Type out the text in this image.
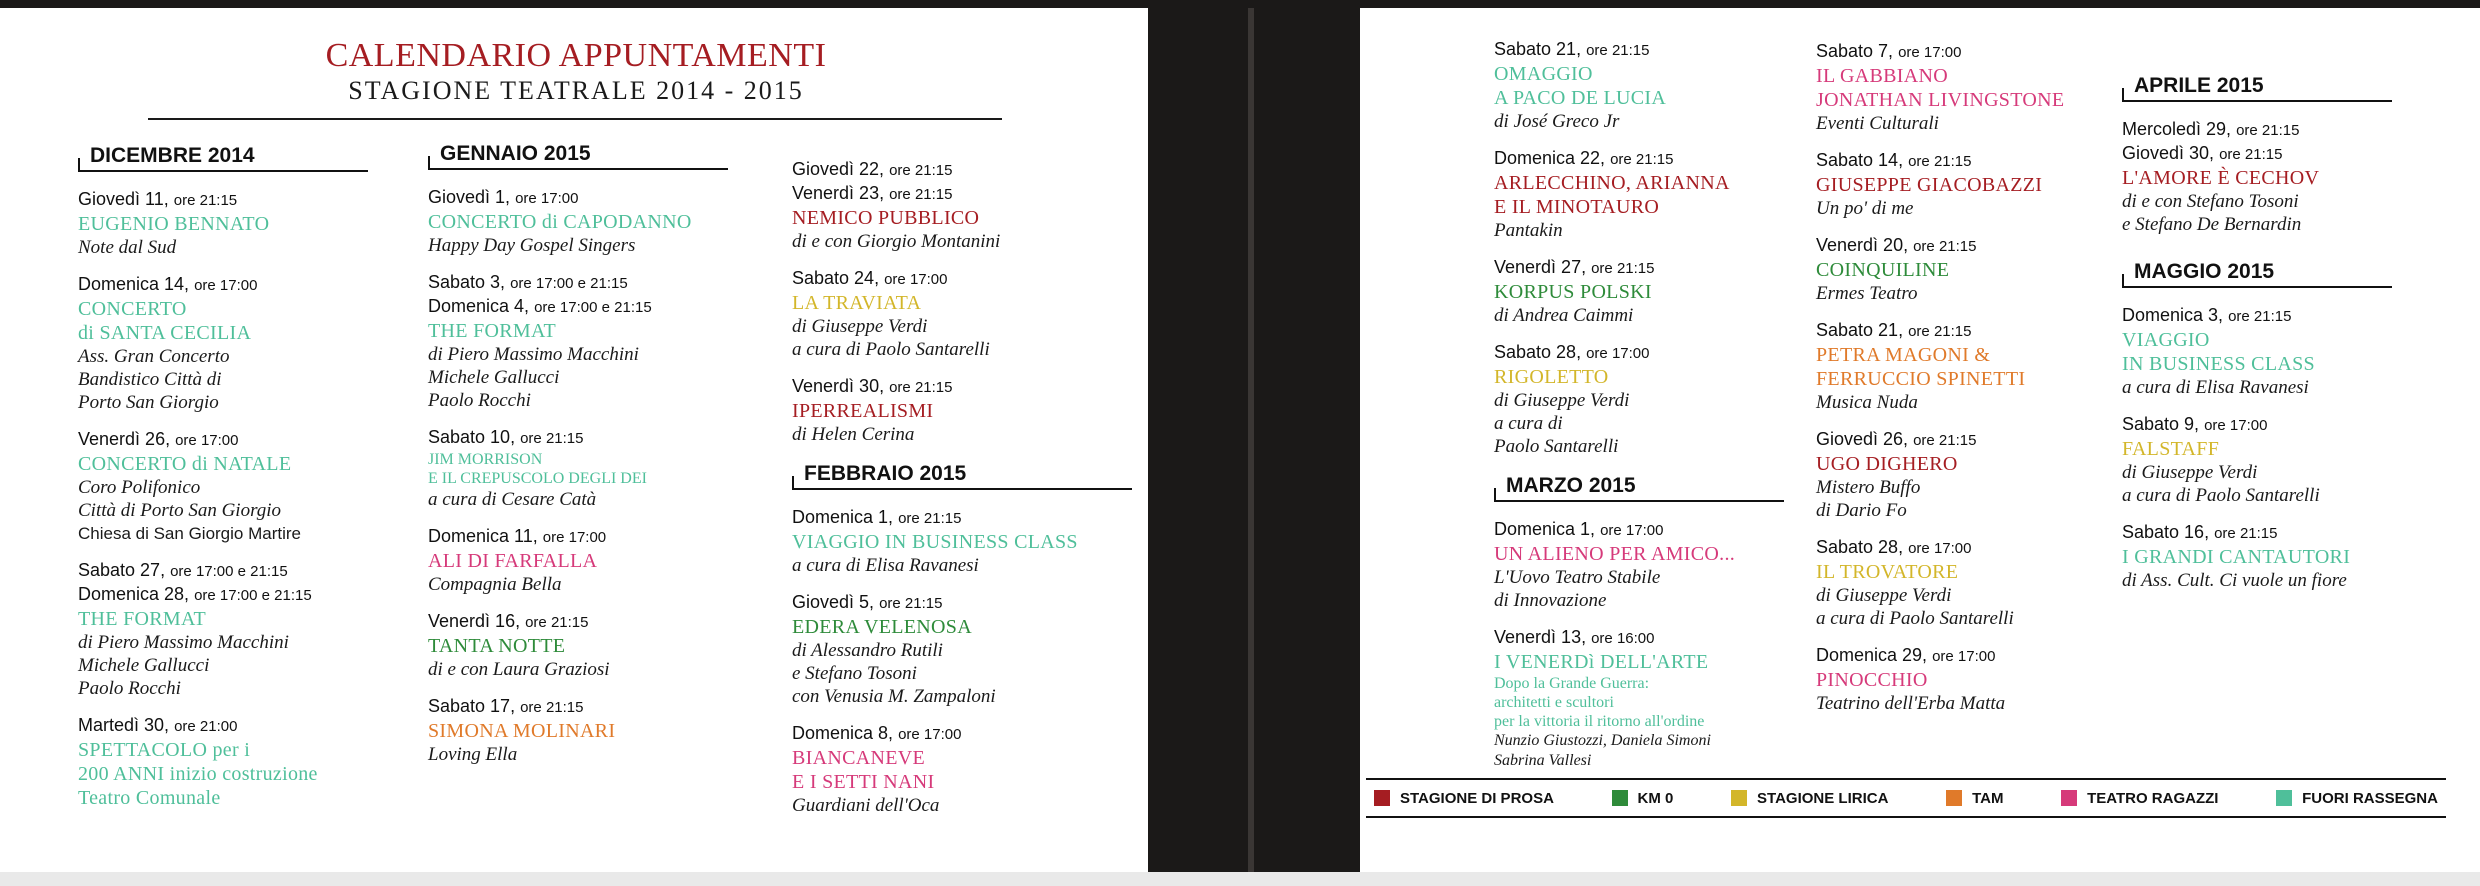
CALENDARIO APPUNTAMENTI
STAGIONE TEATRALE 2014 - 2015
DICEMBRE 2014
Giovedì 11, ore 21:15
EUGENIO BENNATO
Note dal Sud
Domenica 14, ore 17:00
CONCERTO
di SANTA CECILIA
Ass. Gran Concerto
Bandistico Città di
Porto San Giorgio
Venerdì 26, ore 17:00
CONCERTO di NATALE
Coro Polifonico
Città di Porto San Giorgio
Chiesa di San Giorgio Martire
Sabato 27, ore 17:00 e 21:15
Domenica 28, ore 17:00 e 21:15
THE FORMAT
di Piero Massimo Macchini
Michele Gallucci
Paolo Rocchi
Martedì 30, ore 21:00
SPETTACOLO per i
200 ANNI inizio costruzione
Teatro Comunale
GENNAIO 2015
Giovedì 1, ore 17:00
CONCERTO di CAPODANNO
Happy Day Gospel Singers
Sabato 3, ore 17:00 e 21:15
Domenica 4, ore 17:00 e 21:15
THE FORMAT
di Piero Massimo Macchini
Michele Gallucci
Paolo Rocchi
Sabato 10, ore 21:15
JIM MORRISON
E IL CREPUSCOLO DEGLI DEI
a cura di Cesare Catà
Domenica 11, ore 17:00
ALI DI FARFALLA
Compagnia Bella
Venerdì 16, ore 21:15
TANTA NOTTE
di e con Laura Graziosi
Sabato 17, ore 21:15
SIMONA MOLINARI
Loving Ella
Giovedì 22, ore 21:15
Venerdì 23, ore 21:15
NEMICO PUBBLICO
di e con Giorgio Montanini
Sabato 24, ore 17:00
LA TRAVIATA
di Giuseppe Verdi
a cura di Paolo Santarelli
Venerdì 30, ore 21:15
IPERREALISMI
di Helen Cerina
FEBBRAIO 2015
Domenica 1, ore 21:15
VIAGGIO IN BUSINESS CLASS
a cura di Elisa Ravanesi
Giovedì 5, ore 21:15
EDERA VELENOSA
di Alessandro Rutili
e Stefano Tosoni
con Venusia M. Zampaloni
Domenica 8, ore 17:00
BIANCANEVE
E I SETTI NANI
Guardiani dell'Oca
Sabato 21, ore 21:15
OMAGGIO
A PACO DE LUCIA
di José Greco Jr
Domenica 22, ore 21:15
ARLECCHINO, ARIANNA
E IL MINOTAURO
Pantakin
Venerdì 27, ore 21:15
KORPUS POLSKI
di Andrea Caimmi
Sabato 28, ore 17:00
RIGOLETTO
di Giuseppe Verdi
a cura di
Paolo Santarelli
MARZO 2015
Domenica 1, ore 17:00
UN ALIENO PER AMICO...
L'Uovo Teatro Stabile
di Innovazione
Venerdì 13, ore 16:00
I VENERDì DELL'ARTE
Dopo la Grande Guerra:
architetti e scultori
per la vittoria il ritorno all'ordine
Nunzio Giustozzi, Daniela Simoni
Sabrina Vallesi
Sabato 7, ore 17:00
IL GABBIANO
JONATHAN LIVINGSTONE
Eventi Culturali
Sabato 14, ore 21:15
GIUSEPPE GIACOBAZZI
Un po' di me
Venerdì 20, ore 21:15
COINQUILINE
Ermes Teatro
Sabato 21, ore 21:15
PETRA MAGONI &
FERRUCCIO SPINETTI
Musica Nuda
Giovedì 26, ore 21:15
UGO DIGHERO
Mistero Buffo
di Dario Fo
Sabato 28, ore 17:00
IL TROVATORE
di Giuseppe Verdi
a cura di Paolo Santarelli
Domenica 29, ore 17:00
PINOCCHIO
Teatrino dell'Erba Matta
APRILE 2015
Mercoledì 29, ore 21:15
Giovedì 30, ore 21:15
L'AMORE È CECHOV
di e con Stefano Tosoni
e Stefano De Bernardin
MAGGIO 2015
Domenica 3, ore 21:15
VIAGGIO
IN BUSINESS CLASS
a cura di Elisa Ravanesi
Sabato 9, ore 17:00
FALSTAFF
di Giuseppe Verdi
a cura di Paolo Santarelli
Sabato 16, ore 21:15
I GRANDI CANTAUTORI
di Ass. Cult. Ci vuole un fiore
STAGIONE DI PROSA	KM 0	STAGIONE LIRICA	TAM	TEATRO RAGAZZI	FUORI RASSEGNA
